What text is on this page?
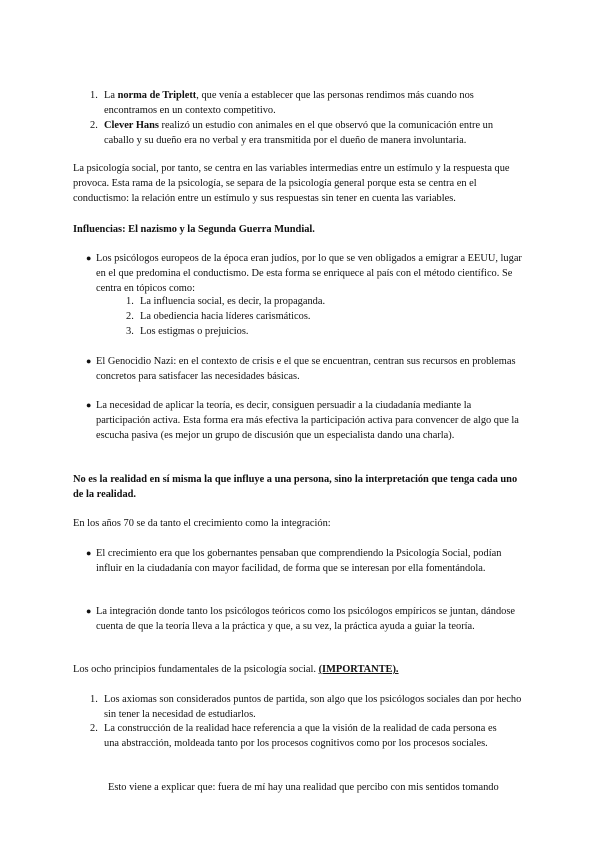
1. La norma de Triplett, que venía a establecer que las personas rendimos más cuando nos encontramos en un contexto competitivo.
2. Clever Hans realizó un estudio con animales en el que observó que la comunicación entre un caballo y su dueño era no verbal y era transmitida por el dueño de manera involuntaria.

La psicología social, por tanto, se centra en las variables intermedias entre un estímulo y la respuesta que provoca. Esta rama de la psicología, se separa de la psicología general porque esta se centra en el conductismo: la relación entre un estímulo y sus respuestas sin tener en cuenta las variables.

Influencias: El nazismo y la Segunda Guerra Mundial.

● Los psicólogos europeos de la época eran judíos, por lo que se ven obligados a emigrar a EEUU, lugar en el que predomina el conductismo. De esta forma se enriquece al país con el método científico. Se centra en tópicos como:
1. La influencia social, es decir, la propaganda.
2. La obediencia hacia líderes carismáticos.
3. Los estigmas o prejuicios.
● El Genocidio Nazi: en el contexto de crisis e el que se encuentran, centran sus recursos en problemas concretos para satisfacer las necesidades básicas.
● La necesidad de aplicar la teoría, es decir, consiguen persuadir a la ciudadanía mediante la participación activa. Esta forma era más efectiva la participación activa para convencer de algo que la escucha pasiva (es mejor un grupo de discusión que un especialista dando una charla).

No es la realidad en sí misma la que influye a una persona, sino la interpretación que tenga cada uno de la realidad.

En los años 70 se da tanto el crecimiento como la integración:

● El crecimiento era que los gobernantes pensaban que comprendiendo la Psicología Social, podían influir en la ciudadanía con mayor facilidad, de forma que se interesan por ella fomentándola.
● La integración donde tanto los psicólogos teóricos como los psicólogos empíricos se juntan, dándose cuenta de que la teoría lleva a la práctica y que, a su vez, la práctica ayuda a guiar la teoría.

Los ocho principios fundamentales de la psicología social. (IMPORTANTE).

1. Los axiomas son considerados puntos de partida, son algo que los psicólogos sociales dan por hecho sin tener la necesidad de estudiarlos.
2. La construcción de la realidad hace referencia a que la visión de la realidad de cada persona es una abstracción, moldeada tanto por los procesos cognitivos como por los procesos sociales.

Esto viene a explicar que: fuera de mí hay una realidad que percibo con mis sentidos tomando
